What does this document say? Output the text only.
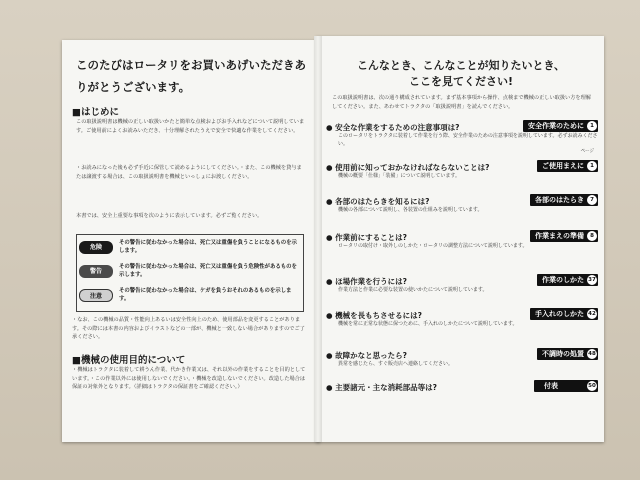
このたびはロータリをお買いあげいただきありがとうございます。
■はじめに
この取扱説明書は機械の正しい取扱いかたと簡単な点検およびお手入れなどについて説明しています。ご使用前によくお読みいただき、十分理解されたうえで安全で快適な作業をしてください。
・お読みになった後も必ず手近に保管して読めるようにしてください。・また、この機械を貸与または譲渡する場合は、この取扱説明書を機械といっしょにお渡しください。
本書では、安全上重要な事項を次のように表示しています。必ずご覧ください。
危険
その警告に従わなかった場合は、死亡又は重傷を負うことになるものを示します。
警告
その警告に従わなかった場合は、死亡又は重傷を負う危険性があるものを示します。
注意
その警告に従わなかった場合は、ケガを負うおそれのあるものを示します。
・なお、この機械の品質・性能向上あるいは安全性向上のため、使用部品を変更することがあります。その際には本書の内容およびイラストなどの一部が、機械と一致しない場合がありますのでご了承ください。
■機械の使用目的について
・機械はトラクタに装着して耕うん作業、代かき作業又は、それ以外の作業をすることを目的としています。・この作業以外には使用しないでください。・機械を改造しないでください。改造した場合は保証の対象外となります。（詳細はトラクタの保証書をご確認ください。）
こんなとき、こんなことが知りたいとき、
ここを見てください!
この取扱説明書は、次の通り構成されています。まず基本事項から操作、点検まで機械の正しい取扱い方を理解してください。また、あわせてトラクタの「取扱説明書」を読んでください。
ページ
● 安全な作業をするための注意事項は?	安全作業のために	1
このロータリをトラクタに装着して作業を行う際、安全作業のための注意事項を説明しています。必ずお読みください。
● 使用前に知っておかなければならないことは?	ご使用まえに	1
機械の概要「仕様」「装備」について説明しています。
● 各部のはたらきを知るには?	各部のはたらき	7
機械の各部について説明し、各装置の仕組みを説明しています。
● 作業前にすることは?	作業まえの準備	8
ロータリの取付け・取外しのしかた・ロータリの調整方法について説明しています。
● ほ場作業を行うには?	作業のしかた 37
作業方法と作業に必要な装置の使いかたについて説明しています。
● 機械を長もちさせるには?	手入れのしかた 42
機械を常に正常な状態に保つために、手入れのしかたについて説明しています。
● 故障かなと思ったら?	不調時の処置 48
異常を感じたら、すぐ販売店へ連絡してください。
● 主要諸元・主な消耗部品等は?	付表	50
